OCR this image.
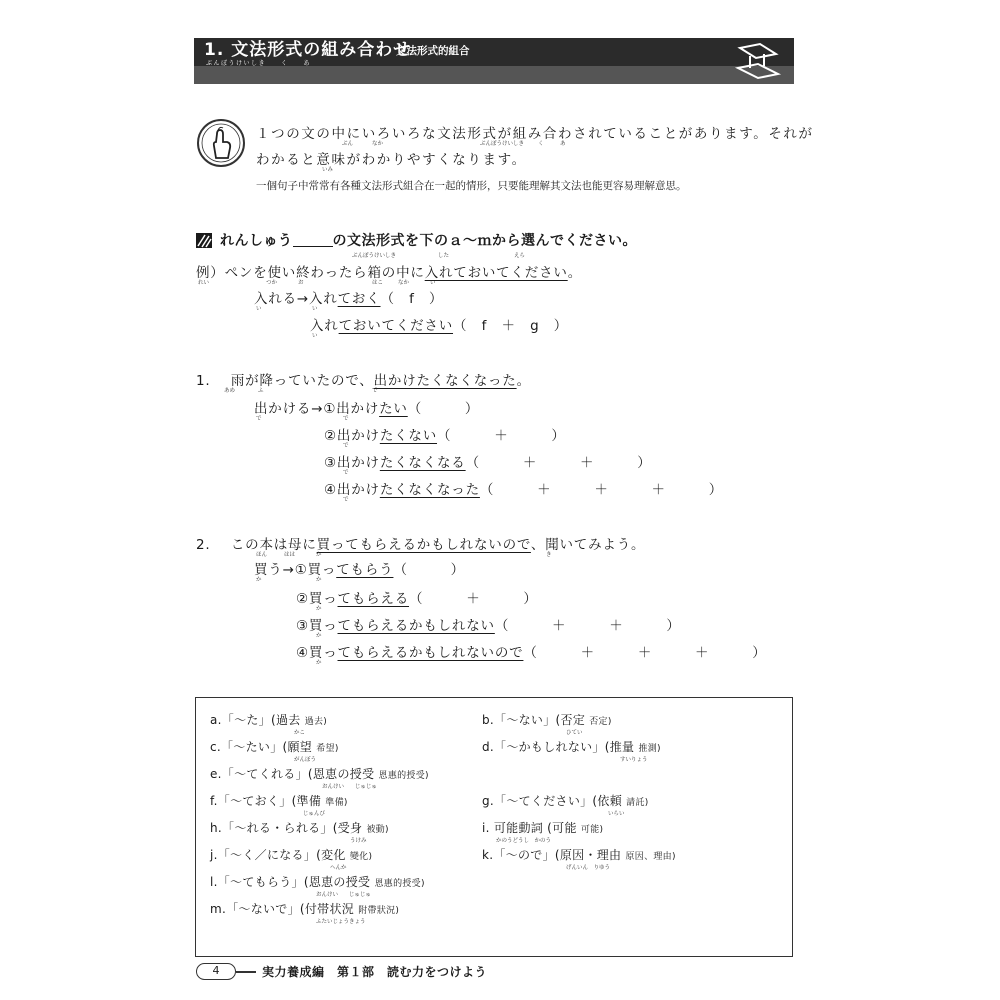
1. 文法形式の組み合わせ
ぶんぽうけいしき　　く　　あ
文法形式的組合
１つの文の中にいろいろな文法形式が組み合わされていることがあります。それが
ぶん	なか	ぶんぽうけいしき	く	あ
わかると意味がわかりやすくなります。
いみ
一個句子中常常有各種文法形式組合在一起的情形，只要能理解其文法也能更容易理解意思。
れんしゅう	の文法形式を下のａ～ｍから選んでください。
ぶんぽうけいしき	した	えら
例）ペンを使い終わったら箱の中に入れておいてください。
れい	つか	お	はこ	なか	い
入れる→入れておく（　f　）
い	い
入れておいてください（　f　＋　g　）
い
1. 雨が降っていたので、出かけたくなくなった。
あめ	ふ	で
出かける→①出かけたい（　　　）
②出かけたくない（　　　＋　　　）
③出かけたくなくなる（　　　＋　　　＋　　　）
④出かけたくなくなった（　　　＋　　　＋　　　＋　　　）
で	で
で
で
で
2. この本は母に買ってもらえるかもしれないので、聞いてみよう。
ほん	はは	か	き
買う→①買ってもらう（　　　）
②買ってもらえる（　　　＋　　　）
③買ってもらえるかもしれない（　　　＋　　　＋　　　）
④買ってもらえるかもしれないので（　　　＋　　　＋　　　＋　　　）
か	か
か
か
か
a.「～た」(過去 過去)
かこ
c.「～たい」(願望 希望)
がんぼう
e.「～てくれる」(恩恵の授受 恩惠的授受)
おんけい　　じゅじゅ
f.「～ておく」(準備 準備)
じゅんび
h.「～れる・られる」(受身 被動)
うけみ
j.「～く／になる」(変化 變化)
へんか
l.「～てもらう」(恩恵の授受 恩惠的授受)
おんけい　　じゅじゅ
m.「～ないで」(付帯状況 附帶狀況)
ふたいじょうきょう
b.「～ない」(否定 否定)
ひてい
d.「～かもしれない」(推量 推測)
すいりょう
g.「～てください」(依頼 請託)
いらい
i. 可能動詞 (可能 可能)
かのうどうし　かのう
k.「～ので」(原因・理由 原因、理由)
げんいん　りゆう
4	実力養成編　第１部　読む力をつけよう
